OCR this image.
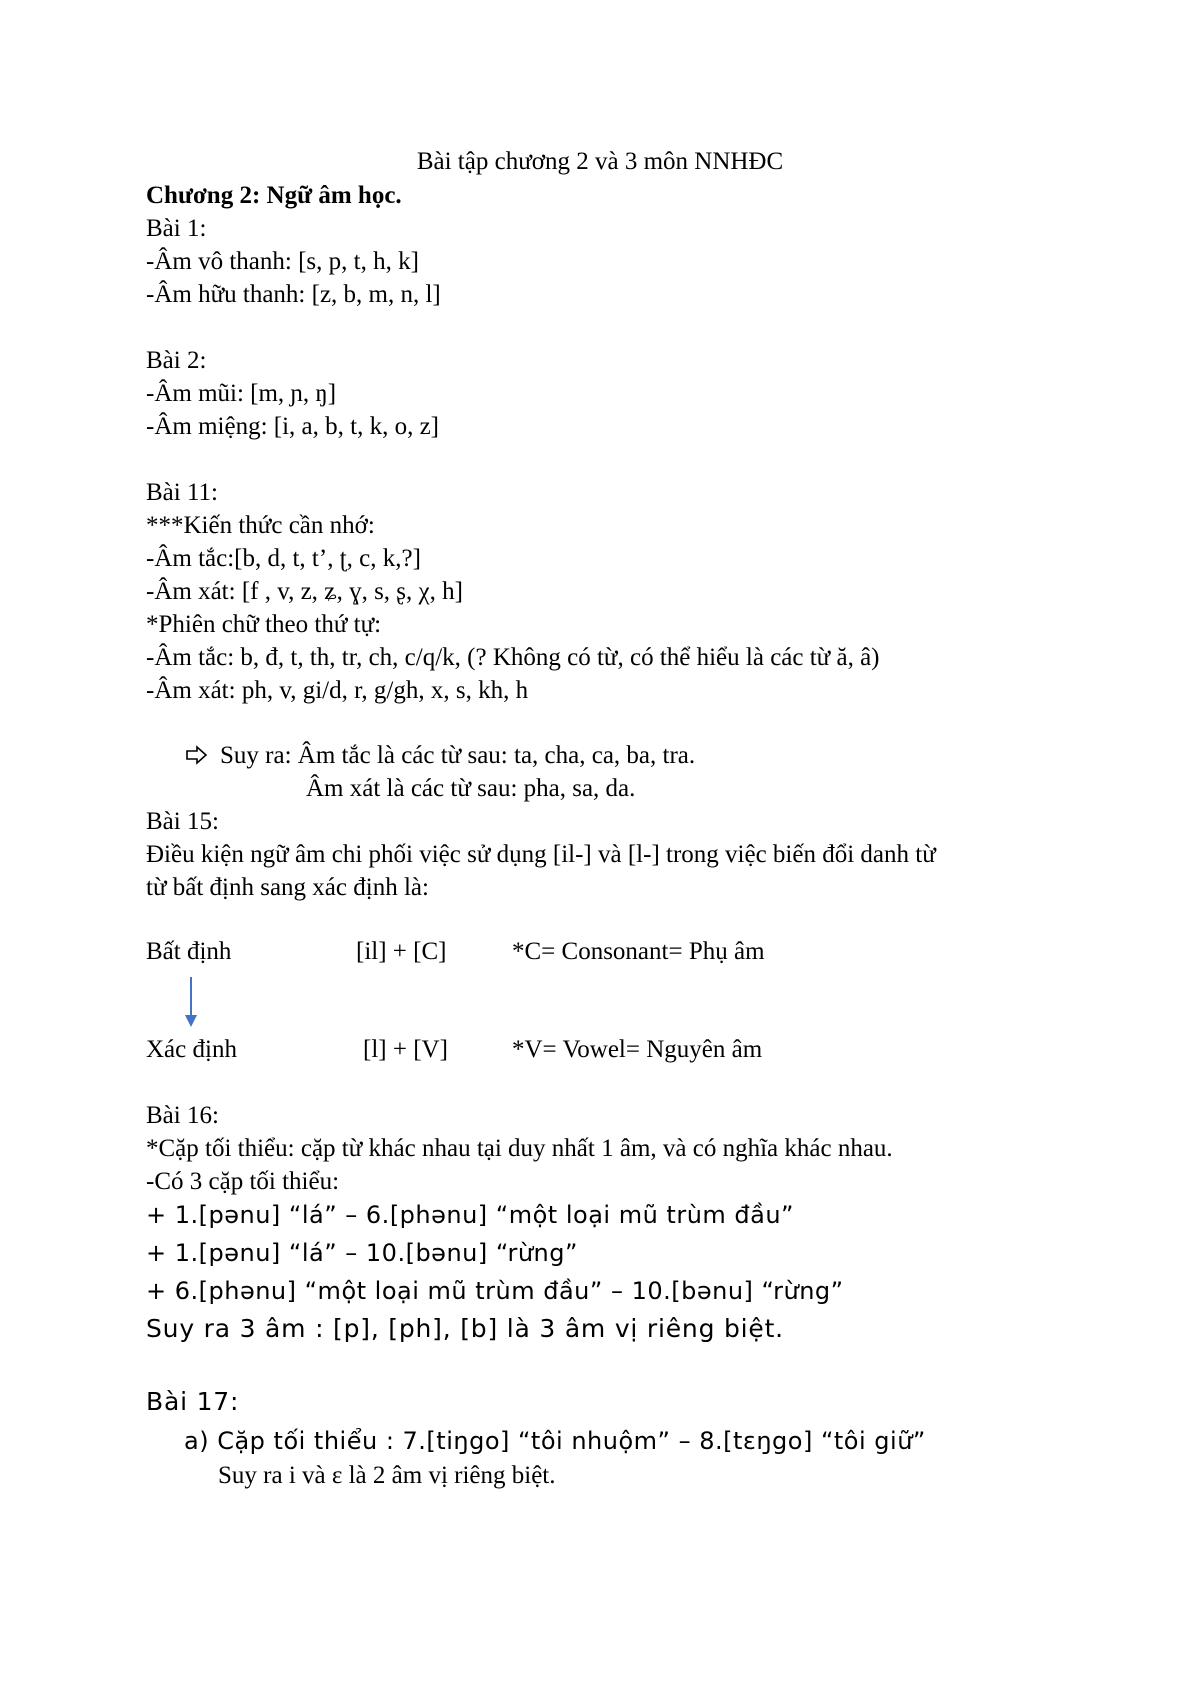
Bài tập chương 2 và 3 môn NNHĐC
Chương 2: Ngữ âm học.
Bài 1:
-Âm vô thanh: [s, p, t, h, k]
-Âm hữu thanh: [z, b, m, n, l]
Bài 2:
-Âm mũi: [m, ɲ, ŋ]
-Âm miệng: [i, a, b, t, k, o, z]
Bài 11:
***Kiến thức cần nhớ:
-Âm tắc:[b, d, t, t’, ʈ, c, k,?]
-Âm xát: [f , v, z, ʑ, ɣ, s, ʂ, χ, h]
*Phiên chữ theo thứ tự:
-Âm tắc: b, đ, t, th, tr, ch, c/q/k, (? Không có từ, có thể hiểu là các từ ă, â)
-Âm xát: ph, v, gi/d, r, g/gh, x, s, kh, h
Suy ra: Âm tắc là các từ sau: ta, cha, ca, ba, tra.
Âm xát là các từ sau: pha, sa, da.
Bài 15:
Điều kiện ngữ âm chi phối việc sử dụng [il-] và [l-] trong việc biến đổi danh từ
từ bất định sang xác định là:
Bất định	[il] + [C]	*C= Consonant= Phụ âm
Xác định	[l] + [V]	*V= Vowel= Nguyên âm
Bài 16:
*Cặp tối thiểu: cặp từ khác nhau tại duy nhất 1 âm, và có nghĩa khác nhau.
-Có 3 cặp tối thiểu:
+ 1.[pənu] “lá” – 6.[phənu] “một loại mũ trùm đầu”
+ 1.[pənu] “lá” – 10.[bənu] “rừng”
+ 6.[phənu] “một loại mũ trùm đầu” – 10.[bənu] “rừng”
Suy ra 3 âm : [p], [ph], [b] là 3 âm vị riêng biệt.
Bài 17:
a) Cặp tối thiểu : 7.[tiŋgo] “tôi nhuộm” – 8.[tɛŋgo] “tôi giữ”
Suy ra i và ɛ là 2 âm vị riêng biệt.
